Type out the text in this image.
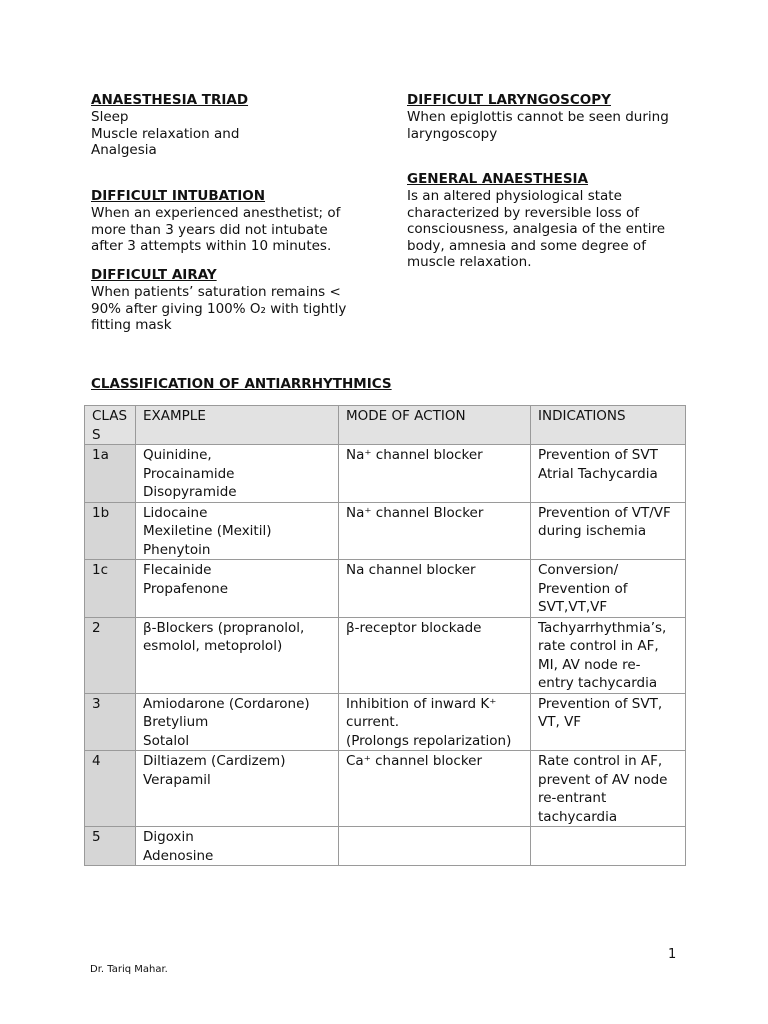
ANAESTHESIA TRIAD
Sleep
Muscle relaxation and
Analgesia
DIFFICULT INTUBATION
When an experienced anesthetist; of
more than 3 years did not intubate
after 3 attempts within 10 minutes.
DIFFICULT AIRAY
When patients’ saturation remains <
90% after giving 100% O₂ with tightly
fitting mask
DIFFICULT LARYNGOSCOPY
When epiglottis cannot be seen during
laryngoscopy
GENERAL ANAESTHESIA
Is an altered physiological state
characterized by reversible loss of
consciousness, analgesia of the entire
body, amnesia and some degree of
muscle relaxation.
CLASSIFICATION OF ANTIARRHYTHMICS
CLAS
S	EXAMPLE	MODE OF ACTION	INDICATIONS

1a	Quinidine,
Procainamide
Disopyramide	Na⁺ channel blocker	Prevention of SVT
Atrial Tachycardia

1b	Lidocaine
Mexiletine (Mexitil)
Phenytoin	Na⁺ channel Blocker	Prevention of VT/VF
during ischemia

1c	Flecainide
Propafenone	Na channel blocker	Conversion/
Prevention of
SVT,VT,VF

2	β-Blockers (propranolol,
esmolol, metoprolol)	β-receptor blockade	Tachyarrhythmia’s,
rate control in AF,
MI, AV node re-
entry tachycardia

3	Amiodarone (Cordarone)
Bretylium
Sotalol	Inhibition of inward K⁺
current.
(Prolongs repolarization)	Prevention of SVT,
VT, VF

4	Diltiazem (Cardizem)
Verapamil	Ca⁺ channel blocker	Rate control in AF,
prevent of AV node
re-entrant
tachycardia

5	Digoxin
Adenosine		

1
Dr. Tariq Mahar.
